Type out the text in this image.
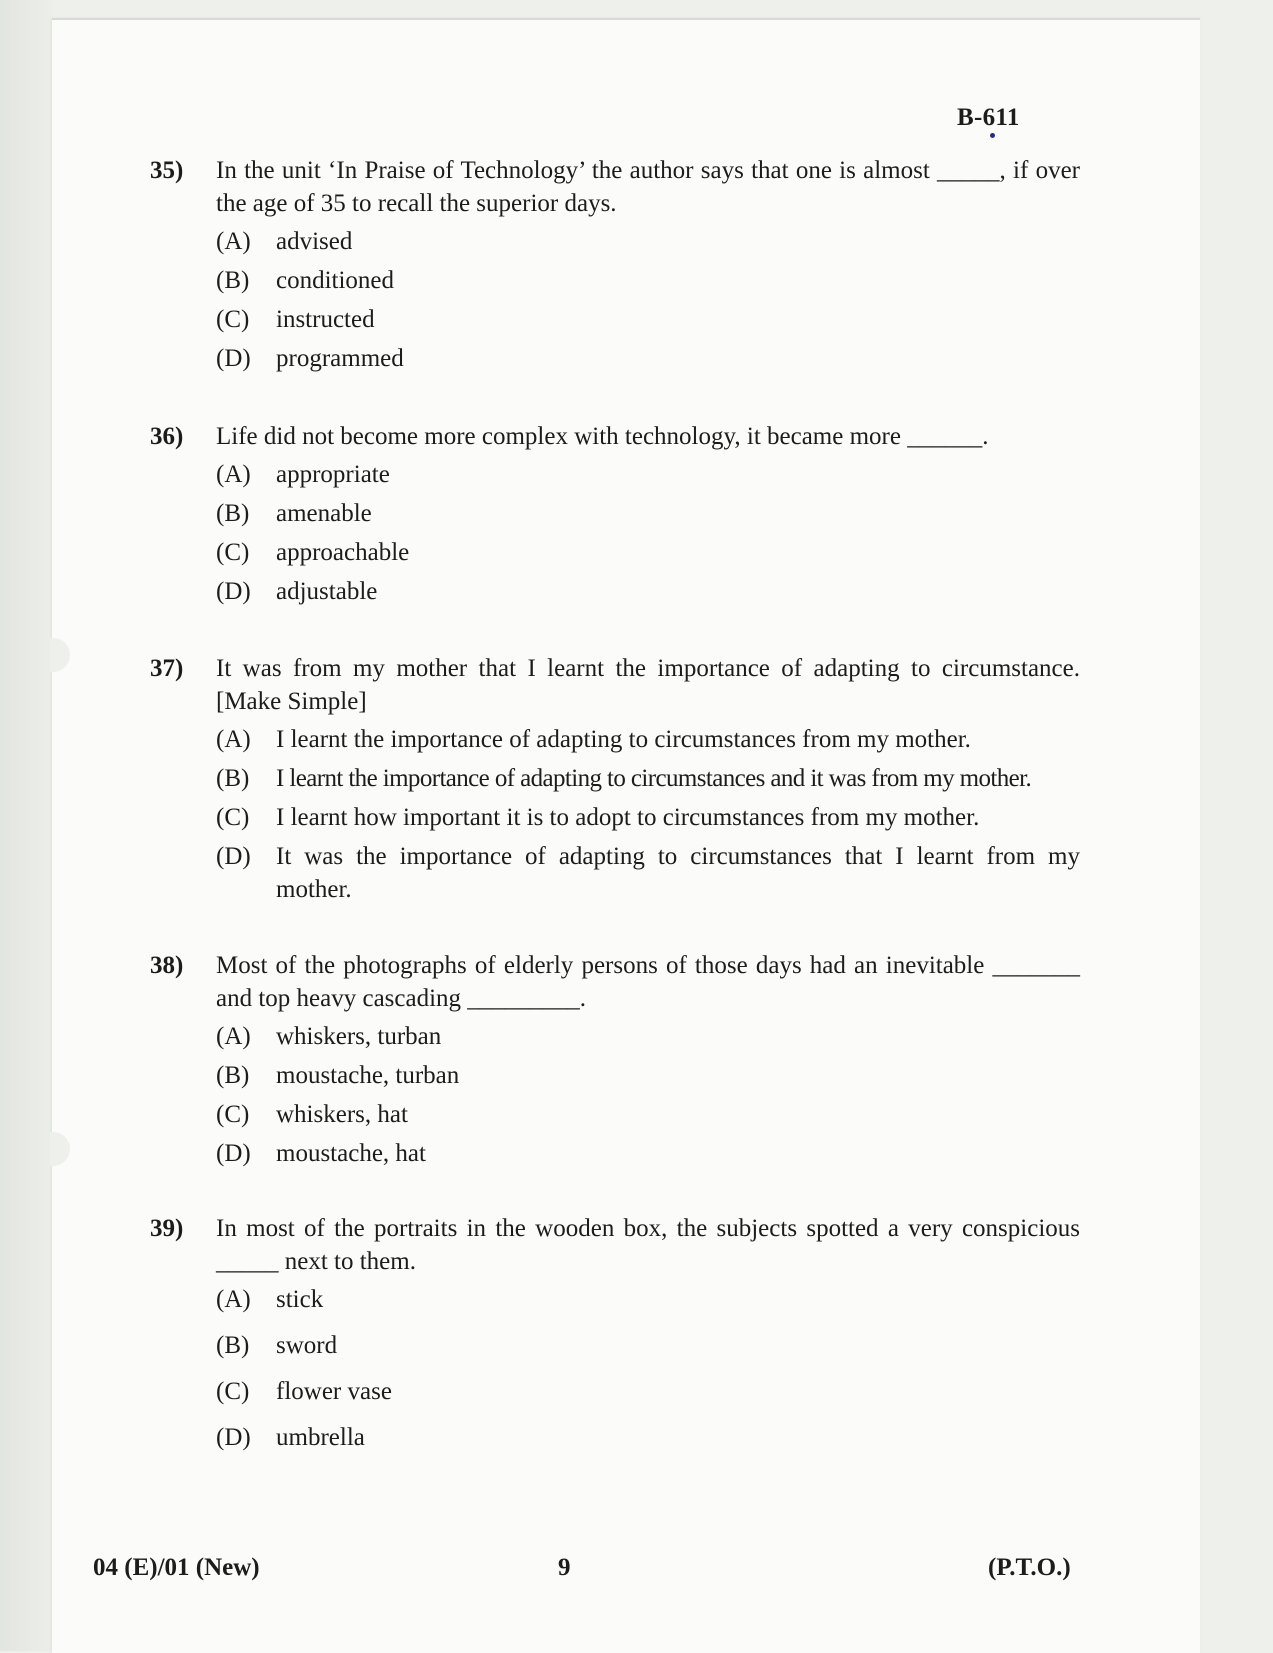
B-611
35)	In the unit ‘In Praise of Technology’ the author says that one is almost _____, if over the age of 35 to recall the superior days.
(A)	advised
(B)	conditioned
(C)	instructed
(D)	programmed
36)	Life did not become more complex with technology, it became more ______.
(A)	appropriate
(B)	amenable
(C)	approachable
(D)	adjustable
37)	It was from my mother that I learnt the importance of adapting to circumstance. [Make Simple]
(A)	I learnt the importance of adapting to circumstances from my mother.
(B)	I learnt the importance of adapting to circumstances and it was from my mother.
(C)	I learnt how important it is to adopt to circumstances from my mother.
(D)	It was the importance of adapting to circumstances that I learnt from my mother.
38)	Most of the photographs of elderly persons of those days had an inevitable _______ and top heavy cascading _________.
(A)	whiskers, turban
(B)	moustache, turban
(C)	whiskers, hat
(D)	moustache, hat
39)	In most of the portraits in the wooden box, the subjects spotted a very conspicious _____ next to them.
(A)	stick
(B)	sword
(C)	flower vase
(D)	umbrella
04 (E)/01 (New)	9	(P.T.O.)
